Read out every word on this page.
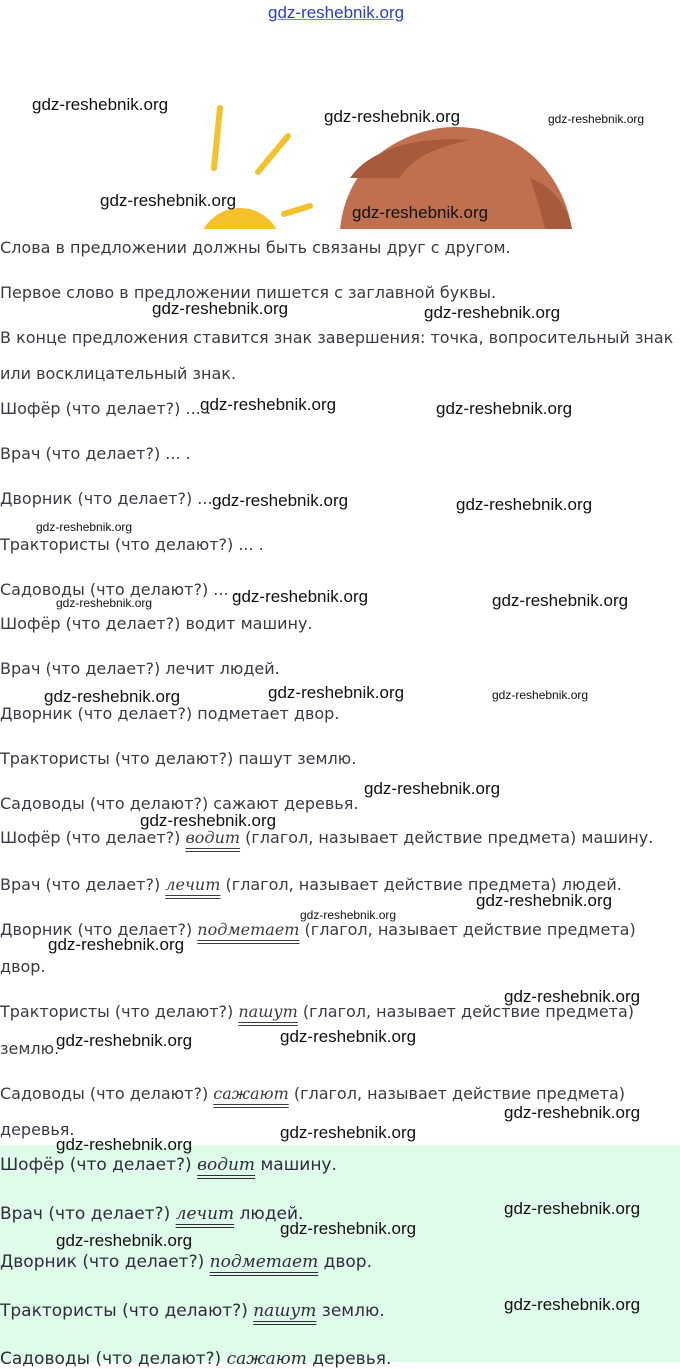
Слова в предложении должны быть связаны друг с другом.
Первое слово в предложении пишется с заглавной буквы.
В конце предложения ставится знак завершения: точка, вопросительный знак
или восклицательный знак.
Шофёр (что делает?) ... .
Врач (что делает?) ... .
Дворник (что делает?) ... .
Трактористы (что делают?) ... .
Садоводы (что делают?) ... .
Шофёр (что делает?) водит машину.
Врач (что делает?) лечит людей.
Дворник (что делает?) подметает двор.
Трактористы (что делают?) пашут землю.
Садоводы (что делают?) сажают деревья.
Шофёр (что делает?) водит (глагол, называет действие предмета) машину.
Врач (что делает?) лечит (глагол, называет действие предмета) людей.
Дворник (что делает?) подметает (глагол, называет действие предмета)
двор.
Трактористы (что делают?) пашут (глагол, называет действие предмета)
землю.
Садоводы (что делают?) сажают (глагол, называет действие предмета)
деревья.
Шофёр (что делает?) водит машину.
Врач (что делает?) лечит людей.
Дворник (что делает?) подметает двор.
Трактористы (что делают?) пашут землю.
Садоводы (что делают?) сажают деревья.
gdz-reshebnik.org
gdz-reshebnik.org
gdz-reshebnik.org	gdz-reshebnik.org
gdz-reshebnik.org
gdz-reshebnik.org
gdz-reshebnik.org	gdz-reshebnik.org
gdz-reshebnik.org	gdz-reshebnik.org
gdz-reshebnik.org	gdz-reshebnik.org
gdz-reshebnik.org
gdz-reshebnik.org	gdz-reshebnik.org
gdz-reshebnik.org
gdz-reshebnik.org	gdz-reshebnik.org	gdz-reshebnik.org
gdz-reshebnik.org
gdz-reshebnik.org
gdz-reshebnik.org
gdz-reshebnik.org
gdz-reshebnik.org
gdz-reshebnik.org
gdz-reshebnik.org	gdz-reshebnik.org
gdz-reshebnik.org
gdz-reshebnik.org
gdz-reshebnik.org
gdz-reshebnik.org
gdz-reshebnik.org
gdz-reshebnik.org
gdz-reshebnik.org
